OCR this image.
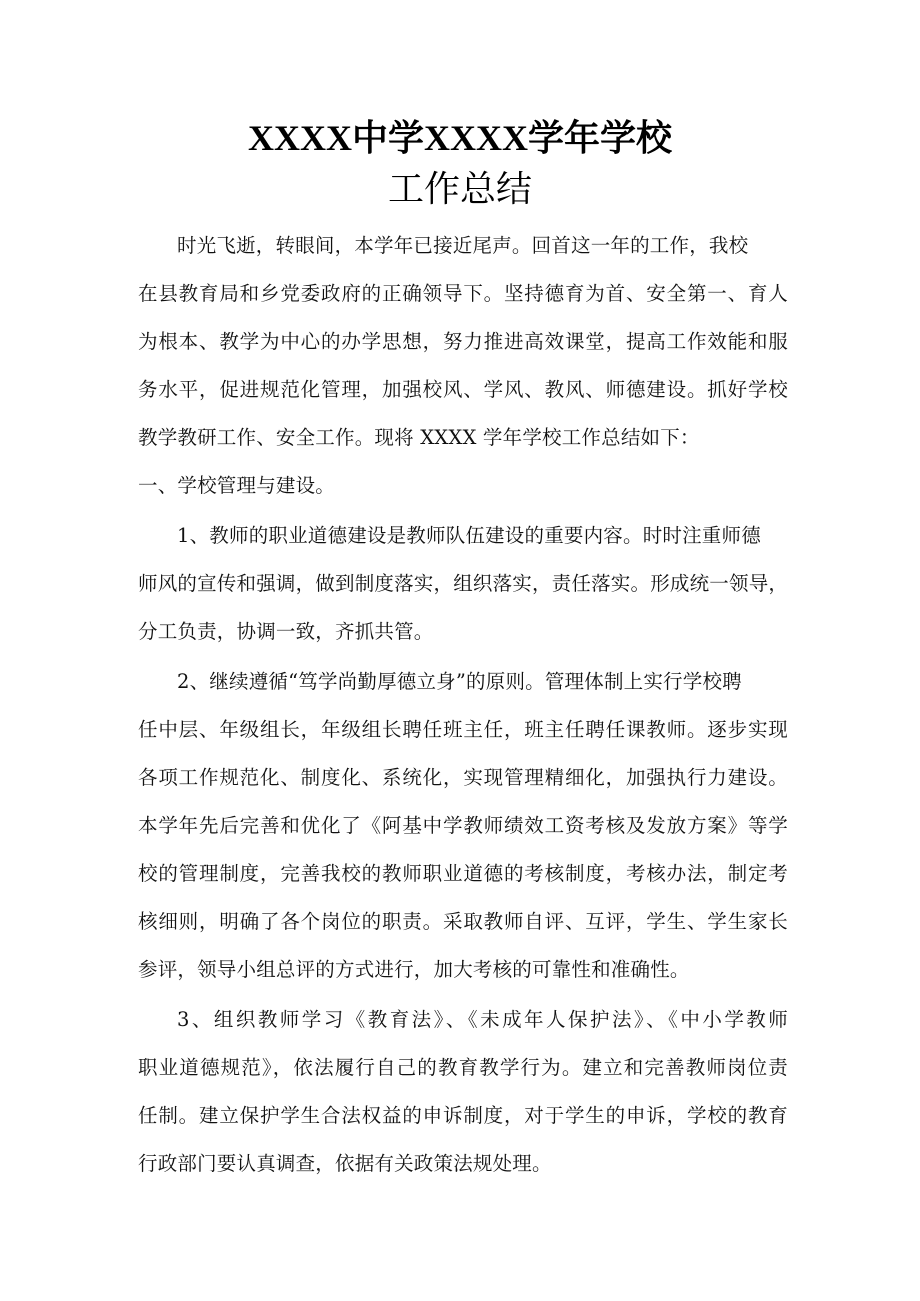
XXXX中学XXXX学年学校
工作总结
时光飞逝，转眼间，本学年已接近尾声。回首这一年的工作，我校
在县教育局和乡党委政府的正确领导下。坚持德育为首、安全第一、育人
为根本、教学为中心的办学思想，努力推进高效课堂，提高工作效能和服
务水平，促进规范化管理，加强校风、学风、教风、师德建设。抓好学校
教学教研工作、安全工作。现将 XXXX 学年学校工作总结如下：
一、学校管理与建设。
1、教师的职业道德建设是教师队伍建设的重要内容。时时注重师德
师风的宣传和强调，做到制度落实，组织落实，责任落实。形成统一领导，
分工负责，协调一致，齐抓共管。
2、继续遵循“笃学尚勤厚德立身”的原则。管理体制上实行学校聘
任中层、年级组长，年级组长聘任班主任，班主任聘任课教师。逐步实现
各项工作规范化、制度化、系统化，实现管理精细化，加强执行力建设。
本学年先后完善和优化了《阿基中学教师绩效工资考核及发放方案》等学
校的管理制度，完善我校的教师职业道德的考核制度，考核办法，制定考
核细则，明确了各个岗位的职责。采取教师自评、互评，学生、学生家长
参评，领导小组总评的方式进行，加大考核的可靠性和准确性。
3、组织教师学习《教育法》、《未成年人保护法》、《中小学教师
职业道德规范》，依法履行自己的教育教学行为。建立和完善教师岗位责
任制。建立保护学生合法权益的申诉制度，对于学生的申诉，学校的教育
行政部门要认真调查，依据有关政策法规处理。
